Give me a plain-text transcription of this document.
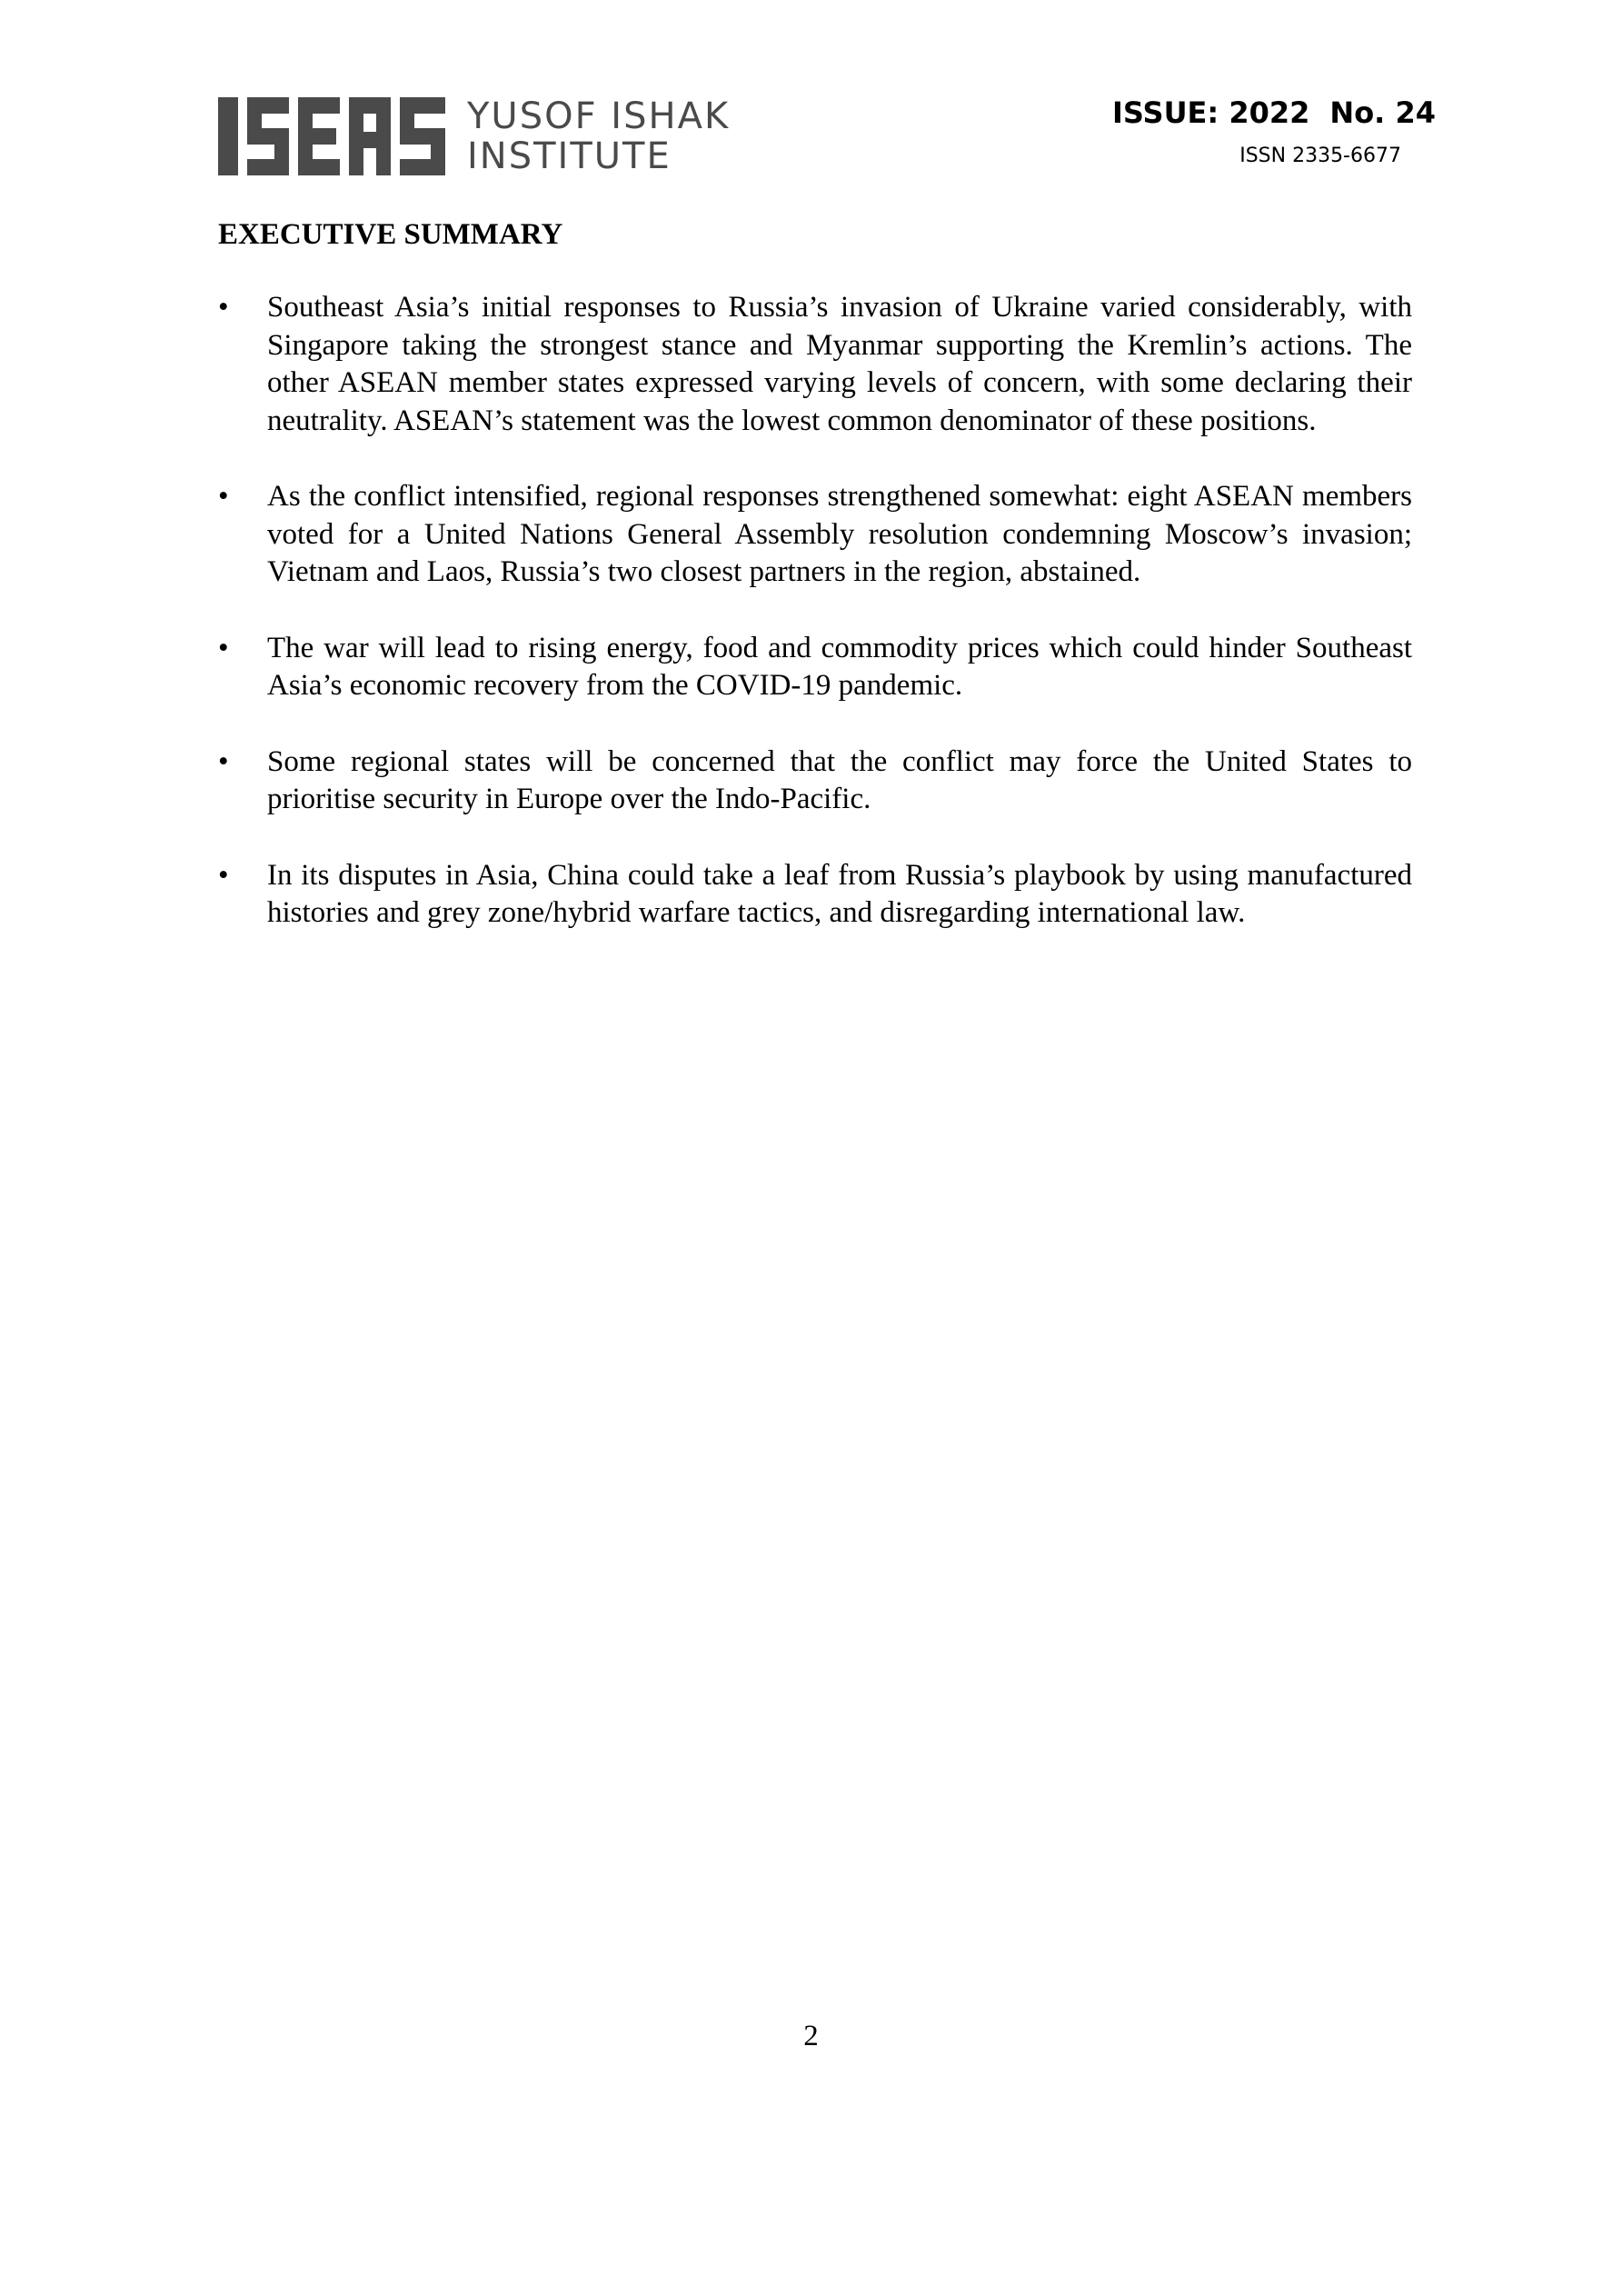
YUSOF ISHAK
INSTITUTE
ISSUE: 2022 No. 24
ISSN 2335-6677
EXECUTIVE SUMMARY
• Southeast Asia’s initial responses to Russia’s invasion of Ukraine varied considerably, with Singapore taking the strongest stance and Myanmar supporting the Kremlin’s actions. The other ASEAN member states expressed varying levels of concern, with some declaring their neutrality. ASEAN’s statement was the lowest common denominator of these positions.
• As the conflict intensified, regional responses strengthened somewhat: eight ASEAN members voted for a United Nations General Assembly resolution condemning Moscow’s invasion; Vietnam and Laos, Russia’s two closest partners in the region, abstained.
• The war will lead to rising energy, food and commodity prices which could hinder Southeast Asia’s economic recovery from the COVID-19 pandemic.
• Some regional states will be concerned that the conflict may force the United States to prioritise security in Europe over the Indo-Pacific.
• In its disputes in Asia, China could take a leaf from Russia’s playbook by using manufactured histories and grey zone/hybrid warfare tactics, and disregarding international law.
2
